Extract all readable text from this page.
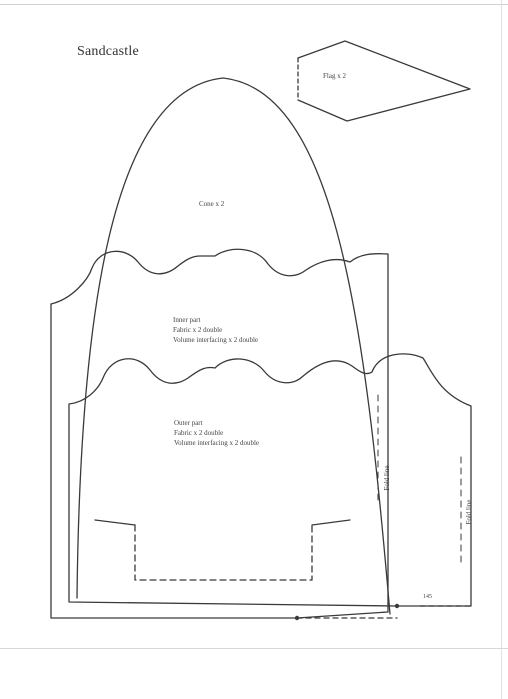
Sandcastle
Flag x 2
Cone x 2
Inner part
Fabric x 2 double
Volume interfacing x 2 double
Outer part
Fabric x 2 double
Volume interfacing x 2 double
Fold line
Fold line
145
